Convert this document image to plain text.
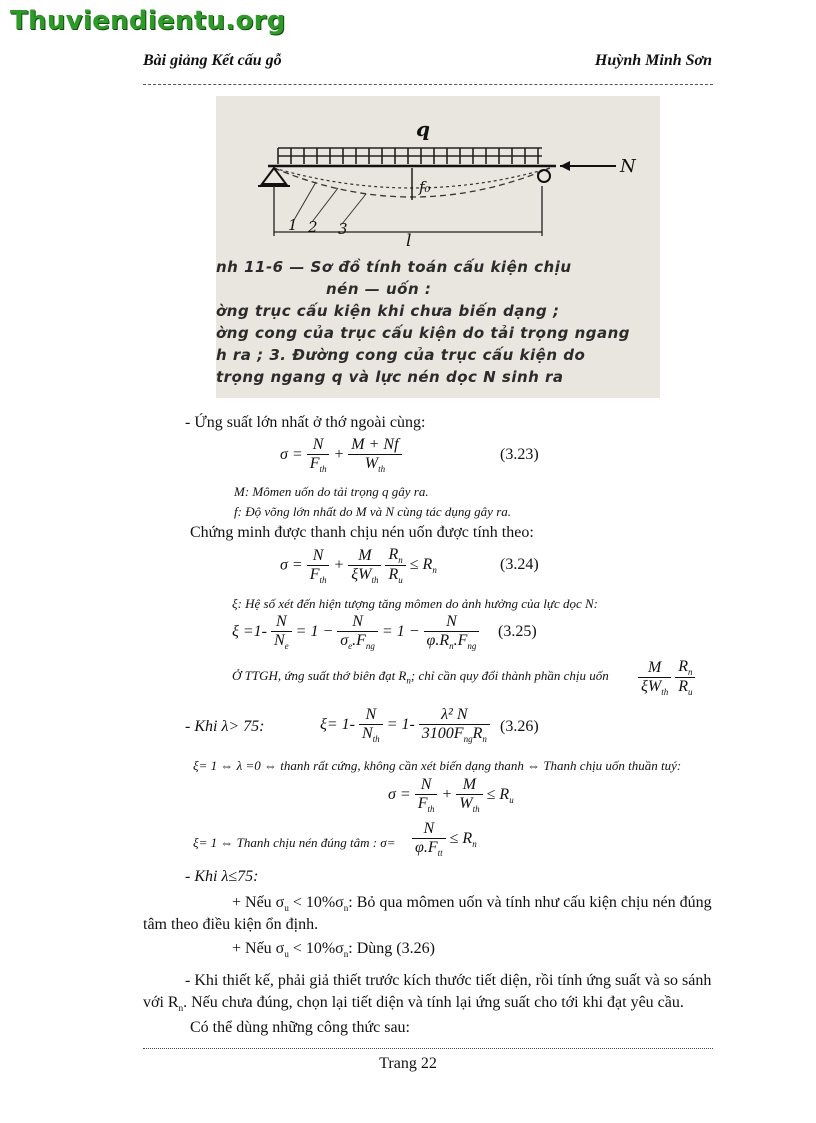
Thuviendientu.org
Bài giảng Kết cấu gỗ	Huỳnh Minh Sơn
q
N
f₀
l
1 2 3
nh 11-6 — Sơ đồ tính toán cấu kiện chịu
nén — uốn :
ờng trục cấu kiện khi chưa biến dạng ;
ờng cong của trục cấu kiện do tải trọng ngang
h ra ; 3. Đường cong của trục cấu kiện do
trọng ngang q và lực nén dọc N sinh ra
- Ứng suất lớn nhất ở thớ ngoài cùng:
$\sigma = \frac{N}{F_{th}} + \frac{M + Nf}{W_{th}}$	(3.23)
M: Mômen uốn do tải trọng q gây ra.
f: Độ võng lớn nhất do M và N cùng tác dụng gây ra.
Chứng minh được thanh chịu nén uốn được tính theo:
$\sigma = \frac{N}{F_{th}} + \frac{M}{\xi W_{th}}$
$\frac{R_n}{R_u} \le R_n$	(3.24)
ξ: Hệ số xét đến hiện tượng tăng mômen do ảnh hưởng của lực dọc N:
$\xi =1- \frac{N}{N_e} = 1 - \frac{N}{\sigma_e.F_{ng}} = 1 - \frac{N}{\varphi.R_n.F_{ng}} (3.25)$
Ở TTGH, ứng suất thớ biên đạt $R_n$; chỉ cần quy đổi thành phần chịu uốn $\frac{M}{\xi W_{th}}$
$\frac{R_n}{R_u}$
- Khi λ> 75:	$\xi= 1- \frac{N}{N_{th}} = 1- \frac{\text{λ² N}}{3100F_{ng}R_n} (3.26)$
ξ= 1 ⇔ λ =0 ⇔ thanh rất cứng, không cần xét biến dạng thanh ⇔ Thanh chịu uốn thuần tuý:
$\sigma = \frac{N}{F_{th}} + \frac{M}{W_{th}} \le R_u$
ξ= 1 ⇔ Thanh chịu nén đúng tâm : $\sigma= \frac{N}{\varphi.F_{tt}} \le R_n$
- Khi λ≤75:
+ Nếu $\sigma_u < 10\%\sigma_n$: Bỏ qua mômen uốn và tính như cấu kiện chịu nén đúng
tâm theo điều kiện ổn định.
+ Nếu $\sigma_u < 10\%\sigma_n$: Dùng (3.26)
- Khi thiết kế, phải giả thiết trước kích thước tiết diện, rồi tính ứng suất và so sánh
với $R_n$. Nếu chưa đúng, chọn lại tiết diện và tính lại ứng suất cho tới khi đạt yêu cầu.
Có thể dùng những công thức sau:
Trang 22
